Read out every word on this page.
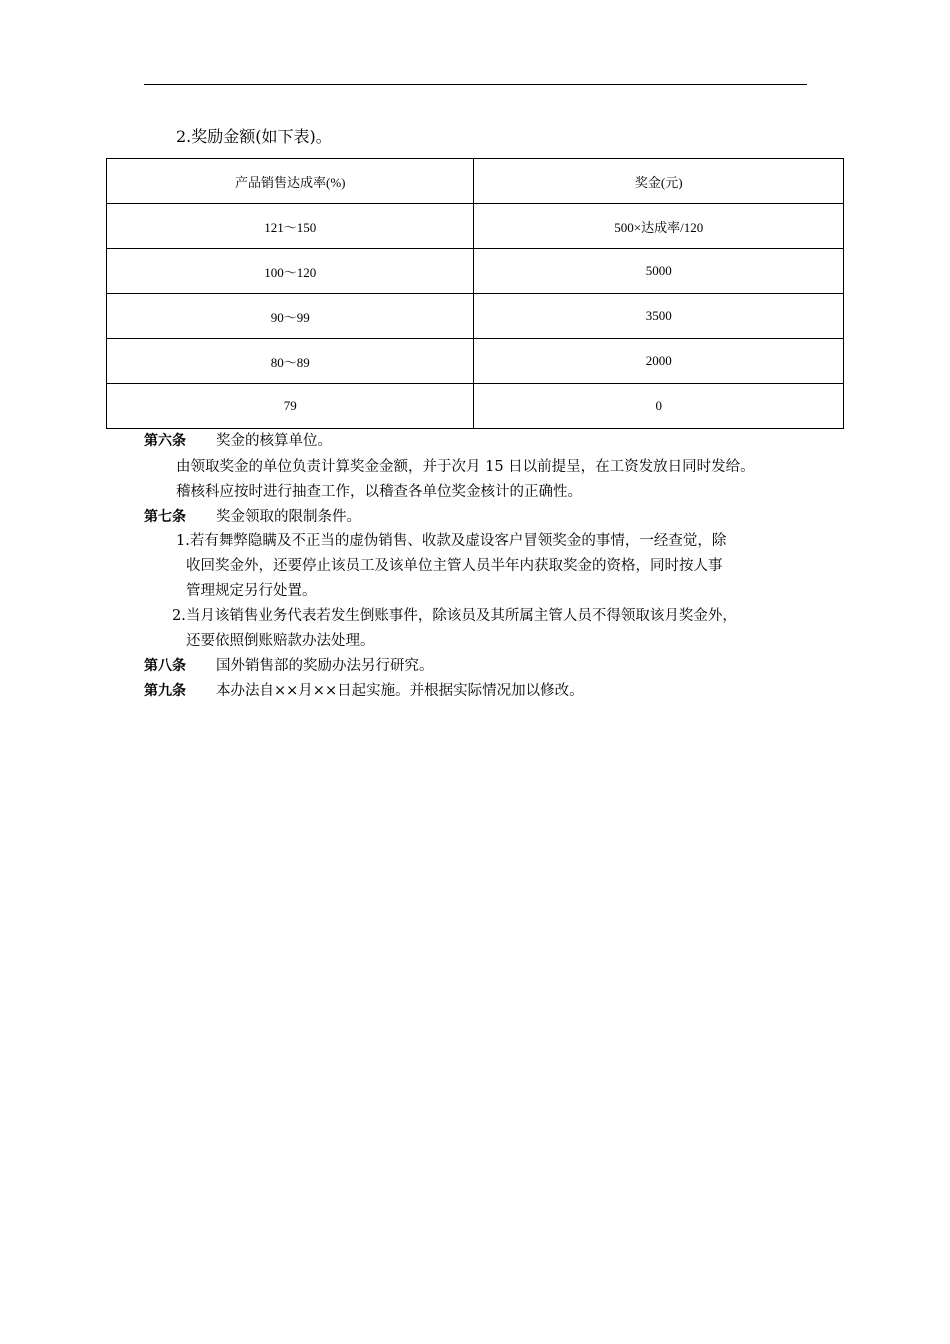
2.奖励金额(如下表)。
产品销售达成率(%)	奖金(元)
121～150	500×达成率/120
100～120	5000
90～99	3500
80～89	2000
79	0
第六条 奖金的核算单位。
由领取奖金的单位负责计算奖金金额，并于次月 15 日以前提呈，在工资发放日同时发给。
稽核科应按时进行抽查工作，以稽查各单位奖金核计的正确性。
第七条 奖金领取的限制条件。
1.若有舞弊隐瞒及不正当的虚伪销售、收款及虚设客户冒领奖金的事情，一经查觉，除
收回奖金外，还要停止该员工及该单位主管人员半年内获取奖金的资格，同时按人事
管理规定另行处置。
2.当月该销售业务代表若发生倒账事件，除该员及其所属主管人员不得领取该月奖金外，
还要依照倒账赔款办法处理。
第八条 国外销售部的奖励办法另行研究。
第九条 本办法自××月××日起实施。并根据实际情况加以修改。
